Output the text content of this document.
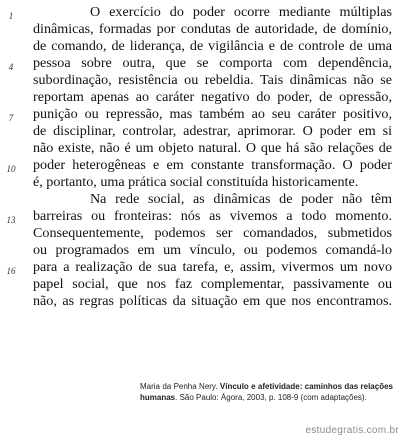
1
4
7
10
13
16
O exercício do poder ocorre mediante múltiplas
dinâmicas, formadas por condutas de autoridade, de domínio,
de comando, de liderança, de vigilância e de controle de uma
pessoa sobre outra, que se comporta com dependência,
subordinação, resistência ou rebeldia. Tais dinâmicas não se
reportam apenas ao caráter negativo do poder, de opressão,
punição ou repressão, mas também ao seu caráter positivo,
de disciplinar, controlar, adestrar, aprimorar. O poder em si
não existe, não é um objeto natural. O que há são relações de
poder heterogêneas e em constante transformação. O poder
é, portanto, uma prática social constituída historicamente.
Na rede social, as dinâmicas de poder não têm
barreiras ou fronteiras: nós as vivemos a todo momento.
Consequentemente, podemos ser comandados, submetidos
ou programados em um vínculo, ou podemos comandá-lo
para a realização de sua tarefa, e, assim, vivermos um novo
papel social, que nos faz complementar, passivamente ou
não, as regras políticas da situação em que nos encontramos.
Maria da Penha Nery. Vínculo e afetividade: caminhos das relações
humanas. São Paulo: Ágora, 2003, p. 108-9 (com adaptações).
estudegratis.com.br
